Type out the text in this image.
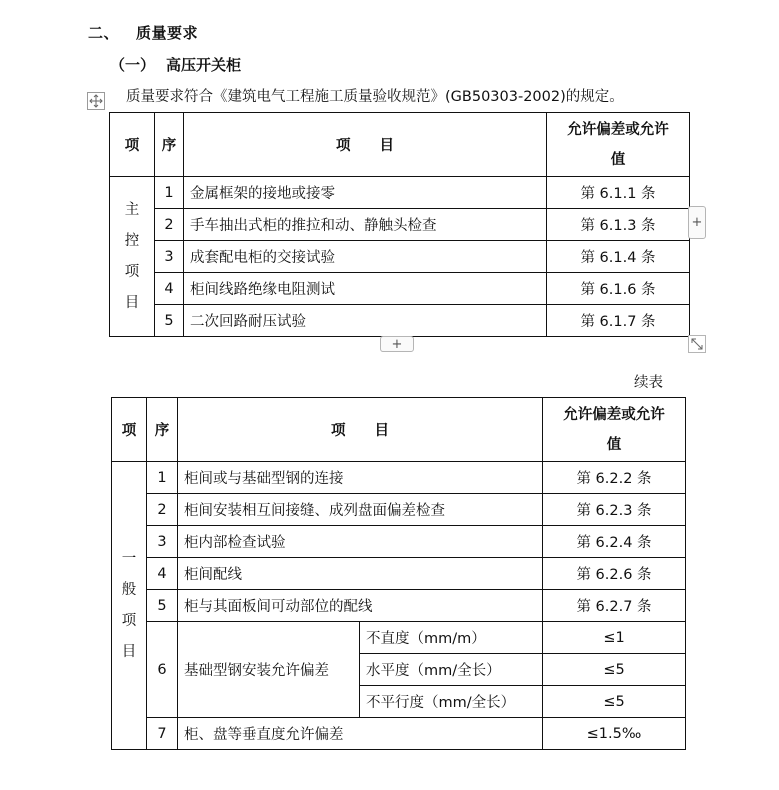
二、 质量要求
（一） 高压开关柜
质量要求符合《建筑电气工程施工质量验收规范》(GB50303-2002)的规定。
项	序	项　　目	允许偏差或允许
值

主
控
项
目	1	金属框架的接地或接零	第 6.1.1 条
	2	手车抽出式柜的推拉和动、静触头检查	第 6.1.3 条
	3	成套配电柜的交接试验	第 6.1.4 条
	4	柜间线路绝缘电阻测试	第 6.1.6 条
	5	二次回路耐压试验	第 6.1.7 条
+
+
续表
项	序	项　　目		允许偏差或允许
值

一
般
项
目	1	柜间或与基础型钢的连接		第 6.2.2 条
	2	柜间安装相互间接缝、成列盘面偏差检查		第 6.2.3 条
	3	柜内部检查试验		第 6.2.4 条
	4	柜间配线		第 6.2.6 条
	5	柜与其面板间可动部位的配线		第 6.2.7 条
	6	基础型钢安装允许偏差	不直度（mm/m）	≤1
			水平度（mm/全长）	≤5
			不平行度（mm/全长）	≤5
	7	柜、盘等垂直度允许偏差		≤1.5‰
